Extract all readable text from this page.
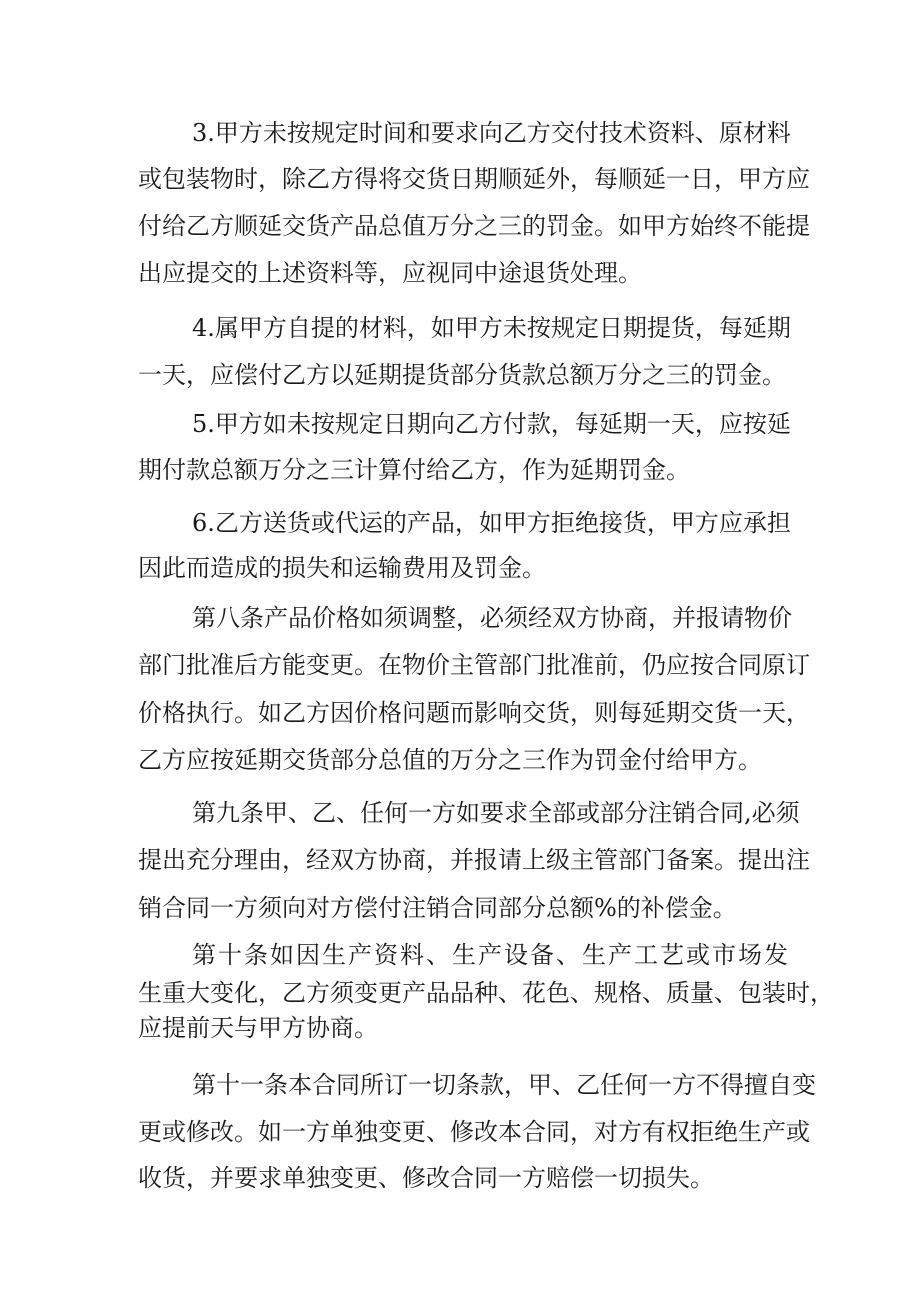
3.甲方未按规定时间和要求向乙方交付技术资料、原材料
或包装物时，除乙方得将交货日期顺延外，每顺延一日，甲方应
付给乙方顺延交货产品总值万分之三的罚金。如甲方始终不能提
出应提交的上述资料等，应视同中途退货处理。
4.属甲方自提的材料，如甲方未按规定日期提货，每延期
一天，应偿付乙方以延期提货部分货款总额万分之三的罚金。
5.甲方如未按规定日期向乙方付款，每延期一天，应按延
期付款总额万分之三计算付给乙方，作为延期罚金。
6.乙方送货或代运的产品，如甲方拒绝接货，甲方应承担
因此而造成的损失和运输费用及罚金。
第八条产品价格如须调整，必须经双方协商，并报请物价
部门批准后方能变更。在物价主管部门批准前，仍应按合同原订
价格执行。如乙方因价格问题而影响交货，则每延期交货一天，
乙方应按延期交货部分总值的万分之三作为罚金付给甲方。
第九条甲、乙、任何一方如要求全部或部分注销合同,必须
提出充分理由，经双方协商，并报请上级主管部门备案。提出注
销合同一方须向对方偿付注销合同部分总额%的补偿金。
第十条如因生产资料、生产设备、生产工艺或市场发
生重大变化，乙方须变更产品品种、花色、规格、质量、包装时，
应提前天与甲方协商。
第十一条本合同所订一切条款，甲、乙任何一方不得擅自变
更或修改。如一方单独变更、修改本合同，对方有权拒绝生产或
收货，并要求单独变更、修改合同一方赔偿一切损失。
